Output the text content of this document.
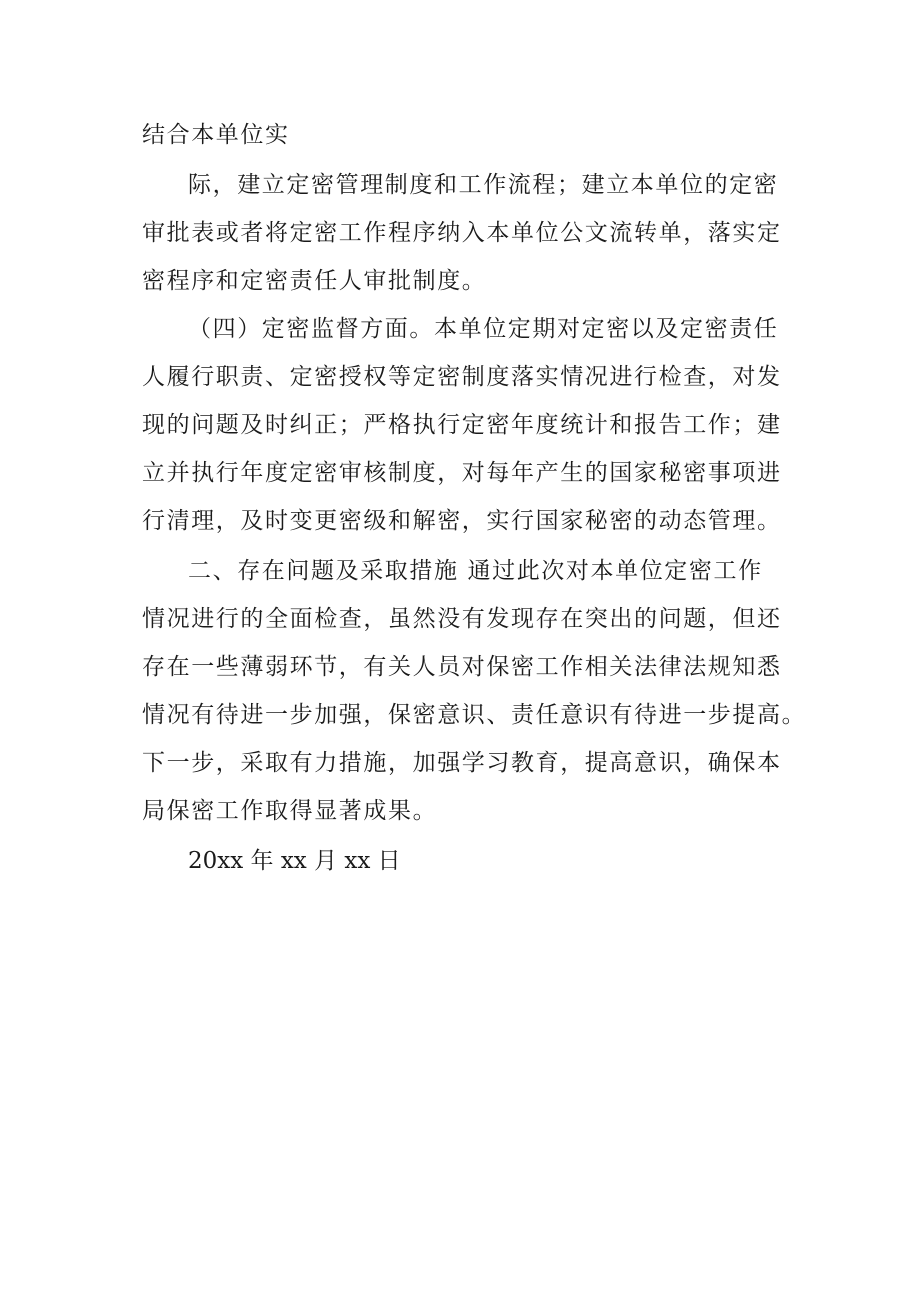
结合本单位实
际，建立定密管理制度和工作流程；建立本单位的定密
审批表或者将定密工作程序纳入本单位公文流转单，落实定
密程序和定密责任人审批制度。
（四）定密监督方面。本单位定期对定密以及定密责任
人履行职责、定密授权等定密制度落实情况进行检查，对发
现的问题及时纠正；严格执行定密年度统计和报告工作；建
立并执行年度定密审核制度，对每年产生的国家秘密事项进
行清理，及时变更密级和解密，实行国家秘密的动态管理。
二、存在问题及采取措施 通过此次对本单位定密工作
情况进行的全面检查，虽然没有发现存在突出的问题，但还
存在一些薄弱环节，有关人员对保密工作相关法律法规知悉
情况有待进一步加强，保密意识、责任意识有待进一步提高。
下一步，采取有力措施，加强学习教育，提高意识，确保本
局保密工作取得显著成果。
20xx 年 xx 月 xx 日
